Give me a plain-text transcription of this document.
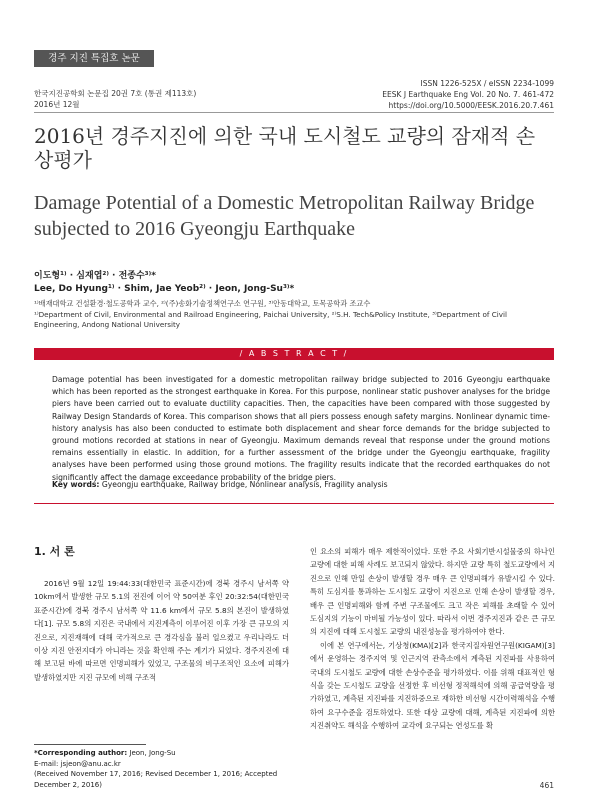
경주 지진 특집호 논문
한국지진공학회 논문집 20권 7호 (통권 제113호)
2016년 12월
ISSN 1226-525X / eISSN 2234-1099
EESK J Earthquake Eng Vol. 20 No. 7. 461-472
https://doi.org/10.5000/EESK.2016.20.7.461
2016년 경주지진에 의한 국내 도시철도 교량의 잠재적 손상평가
Damage Potential of a Domestic Metropolitan Railway Bridge subjected to 2016 Gyeongju Earthquake
이도형¹⁾ · 심재엽²⁾ · 전종수³⁾*
Lee, Do Hyung¹⁾ · Shim, Jae Yeob²⁾ · Jeon, Jong-Su³⁾*
¹⁾배재대학교 건설환경·철도공학과 교수, ²⁾(주)송화기술정책연구소 연구원, ³⁾안동대학교, 토목공학과 조교수
¹⁾Department of Civil, Environmental and Railroad Engineering, Paichai University, ²⁾S.H. Tech&Policy Institute, ³⁾Department of Civil Engineering, Andong National University
/ A B S T R A C T /
Damage potential has been investigated for a domestic metropolitan railway bridge subjected to 2016 Gyeongju earthquake which has been reported as the strongest earthquake in Korea. For this purpose, nonlinear static pushover analyses for the bridge piers have been carried out to evaluate ductility capacities. Then, the capacities have been compared with those suggested by Railway Design Standards of Korea. This comparison shows that all piers possess enough safety margins. Nonlinear dynamic time-history analysis has also been conducted to estimate both displacement and shear force demands for the bridge subjected to ground motions recorded at stations in near of Gyeongju. Maximum demands reveal that response under the ground motions remains essentially in elastic. In addition, for a further assessment of the bridge under the Gyeongju earthquake, fragility analyses have been performed using those ground motions. The fragility results indicate that the recorded earthquakes do not significantly affect the damage exceedance probability of the bridge piers.
Key words: Gyeongju earthquake, Railway bridge, Nonlinear analysis, Fragility analysis
1. 서 론

2016년 9월 12일 19:44:33(대한민국 표준시간)에 경북 경주시 남서쪽 약 10km에서 발생한 규모 5.1의 전진에 이어 약 50여분 후인 20:32:54(대한민국 표준시간)에 경북 경주시 남서쪽 약 11.6 km에서 규모 5.8의 본진이 발생하였다[1]. 규모 5.8의 지진은 국내에서 지진계측이 이루어진 이후 가장 큰 규모의 지진으로, 지진재해에 대해 국가적으로 큰 경각심을 불러 일으켰고 우리나라도 더 이상 지진 안전지대가 아니라는 것을 확인해 주는 계기가 되었다. 경주지진에 대해 보고된 바에 따르면 인명피해가 있었고, 구조물의 비구조적인 요소에 피해가 발생하였지만 지진 규모에 비해 구조적

인 요소의 피해가 매우 제한적이었다. 또한 주요 사회기반시설물중의 하나인 교량에 대한 피해 사례도 보고되지 않았다. 하지만 교량 특히 철도교량에서 지진으로 인해 만일 손상이 발생할 경우 매우 큰 인명피해가 유발시킬 수 있다. 특히 도심지를 통과하는 도시철도 교량이 지진으로 인해 손상이 발생할 경우, 배우 큰 인명피해와 함께 주변 구조물에도 크고 작은 피해를 초래할 수 있어 도심지의 기능이 마비될 가능성이 있다. 따라서 이번 경주지진과 같은 큰 규모의 지진에 대해 도시철도 교량의 내진성능을 평가하여야 한다.

이에 본 연구에서는, 기상청(KMA)[2]과 한국지질자원연구원(KIGAM)[3]에서 운영하는 경주지역 및 인근지역 관측소에서 계측된 지진파를 사용하여 국내의 도시철도 교량에 대한 손상수준을 평가하였다. 이를 위해 대표적인 형식을 갖는 도시철도 교량을 선정한 후 비선형 정적해석에 의해 공급역량을 평가하였고, 계측된 지진파를 지진하중으로 재하한 비선형 시간이력해석을 수행하여 요구수준을 검토하였다. 또한 대상 교량에 대해, 계측된 지진파에 의한 지진취약도 해석을 수행하여 교각에 요구되는 연성도를 확

*Corresponding author: Jeon, Jong-Su
E-mail: jsjeon@anu.ac.kr
(Received November 17, 2016; Revised December 1, 2016; Accepted December 2, 2016)	461
